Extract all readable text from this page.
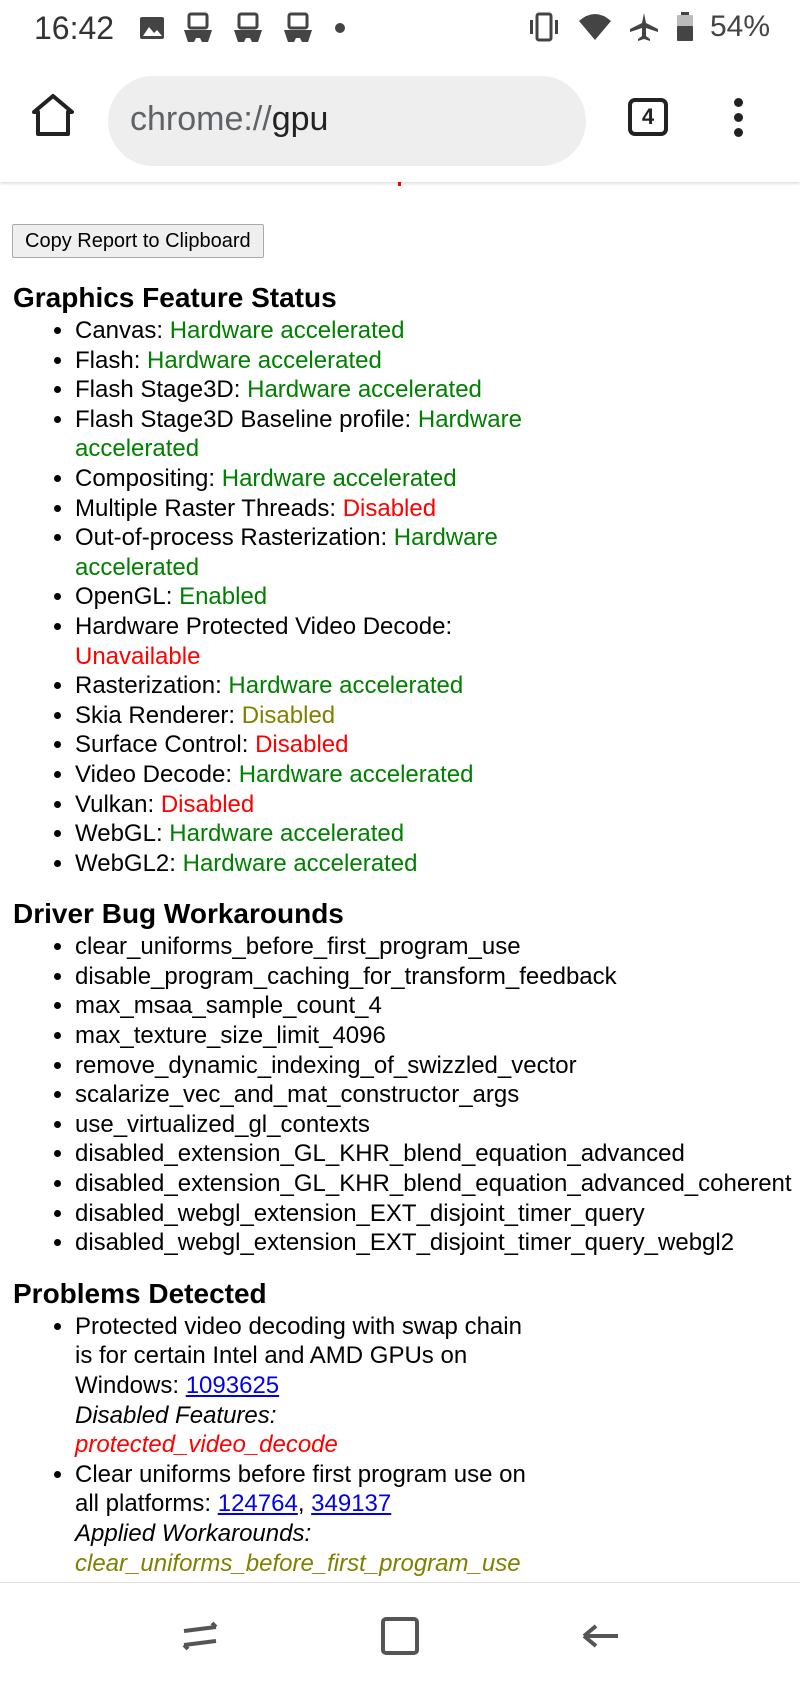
16:42	54%
chrome://gpu	4
Copy Report to Clipboard
Graphics Feature Status
• Canvas: Hardware accelerated
• Flash: Hardware accelerated
• Flash Stage3D: Hardware accelerated
• Flash Stage3D Baseline profile: Hardware accelerated
• Compositing: Hardware accelerated
• Multiple Raster Threads: Disabled
• Out-of-process Rasterization: Hardware accelerated
• OpenGL: Enabled
• Hardware Protected Video Decode: Unavailable
• Rasterization: Hardware accelerated
• Skia Renderer: Disabled
• Surface Control: Disabled
• Video Decode: Hardware accelerated
• Vulkan: Disabled
• WebGL: Hardware accelerated
• WebGL2: Hardware accelerated
Driver Bug Workarounds
• clear_uniforms_before_first_program_use
• disable_program_caching_for_transform_feedback
• max_msaa_sample_count_4
• max_texture_size_limit_4096
• remove_dynamic_indexing_of_swizzled_vector
• scalarize_vec_and_mat_constructor_args
• use_virtualized_gl_contexts
• disabled_extension_GL_KHR_blend_equation_advanced
• disabled_extension_GL_KHR_blend_equation_advanced_coherent
• disabled_webgl_extension_EXT_disjoint_timer_query
• disabled_webgl_extension_EXT_disjoint_timer_query_webgl2
Problems Detected
• Protected video decoding with swap chain is for certain Intel and AMD GPUs on Windows: 1093625
Disabled Features: protected_video_decode
• Clear uniforms before first program use on all platforms: 124764, 349137
Applied Workarounds: clear_uniforms_before_first_program_use
•
